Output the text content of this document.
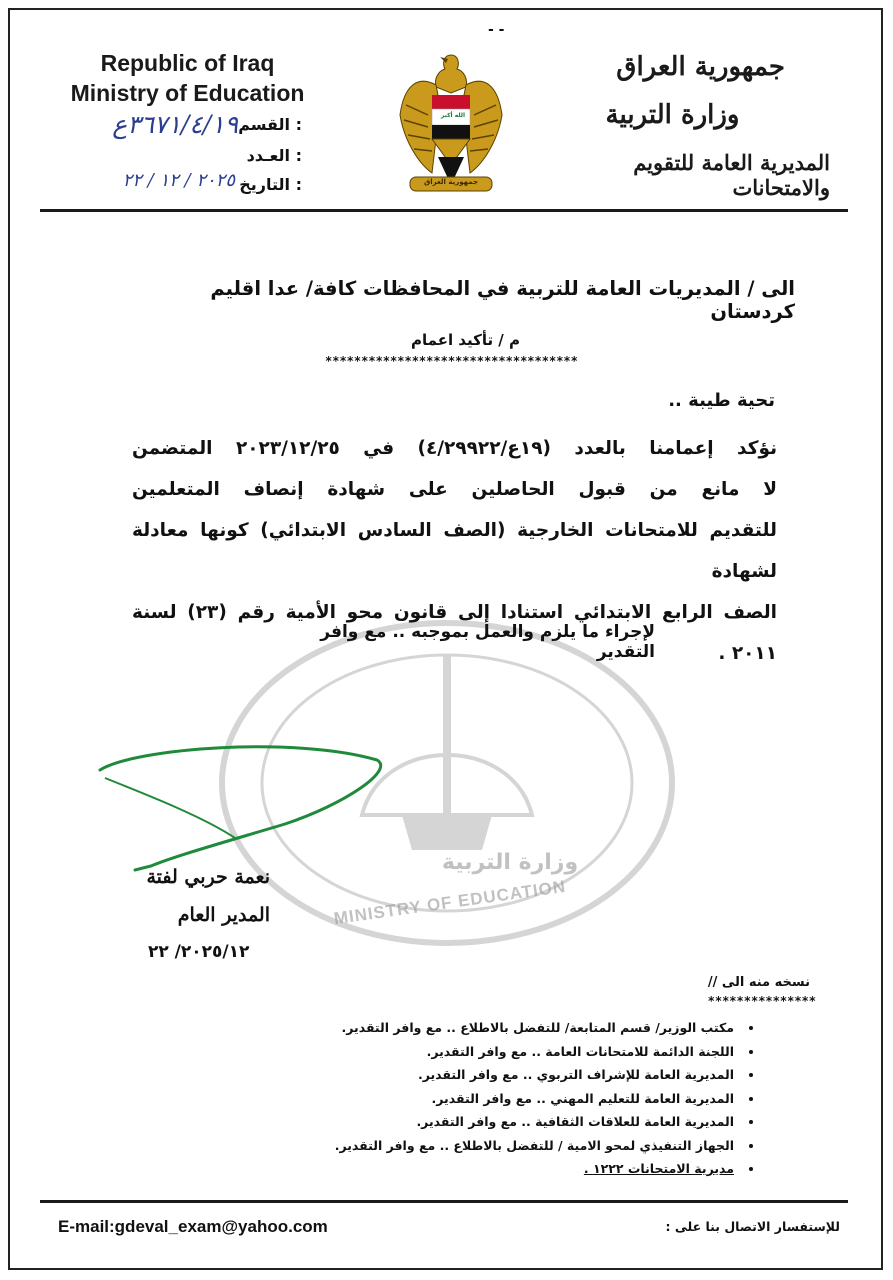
- -
Republic of Iraq
Ministry of Education
: القسم
: العـدد
: التاريخ
٣٦٧١/٤/١٩ع
٢٠٢٥ / ١٢ / ٢٢
الله أكبر
جمهورية العراق
جمهورية العراق
وزارة التربية
المديرية العامة للتقويم والامتحانات
وزارة التربية
MINISTRY OF EDUCATION
الى / المديريات العامة للتربية في المحافظات كافة/ عدا اقليم كردستان
م / تأكيد اعمام
***********************************
تحية طيبة ..
نؤكد إعمامنا بالعدد (١٩ع/٤/٢٩٩٢٢) في ٢٠٢٣/١٢/٢٥ المتضمن
لا مانع من قبول الحاصلين على شهادة إنصاف المتعلمين
للتقديم للامتحانات الخارجية (الصف السادس الابتدائي) كونها معادلة لشهادة
الصف الرابع الابتدائي استنادا إلى قانون محو الأمية رقم (٢٣) لسنة ٢٠١١ .
لإجراء ما يلزم والعمل بموجبه .. مع وافر التقدير
نعمة حربي لفتة
المدير العام
٢٠٢٥/١٢/ ٢٢
نسخه منه الى //
***************
• مكتب الوزير/ قسم المتابعة/ للتفضل بالاطلاع .. مع وافر التقدير.
• اللجنة الدائمة للامتحانات العامة .. مع وافر التقدير.
• المديرية العامة للإشراف التربوي .. مع وافر التقدير.
• المديرية العامة للتعليم المهني .. مع وافر التقدير.
• المديرية العامة للعلاقات الثقافية .. مع وافر التقدير.
• الجهاز التنفيذي لمحو الامية / للتفضل بالاطلاع .. مع وافر التقدير.
• مديرية الامتحانات ١٢٢٢ .
E-mail:gdeval_exam@yahoo.com	للإستفسار الاتصال بنا على :
